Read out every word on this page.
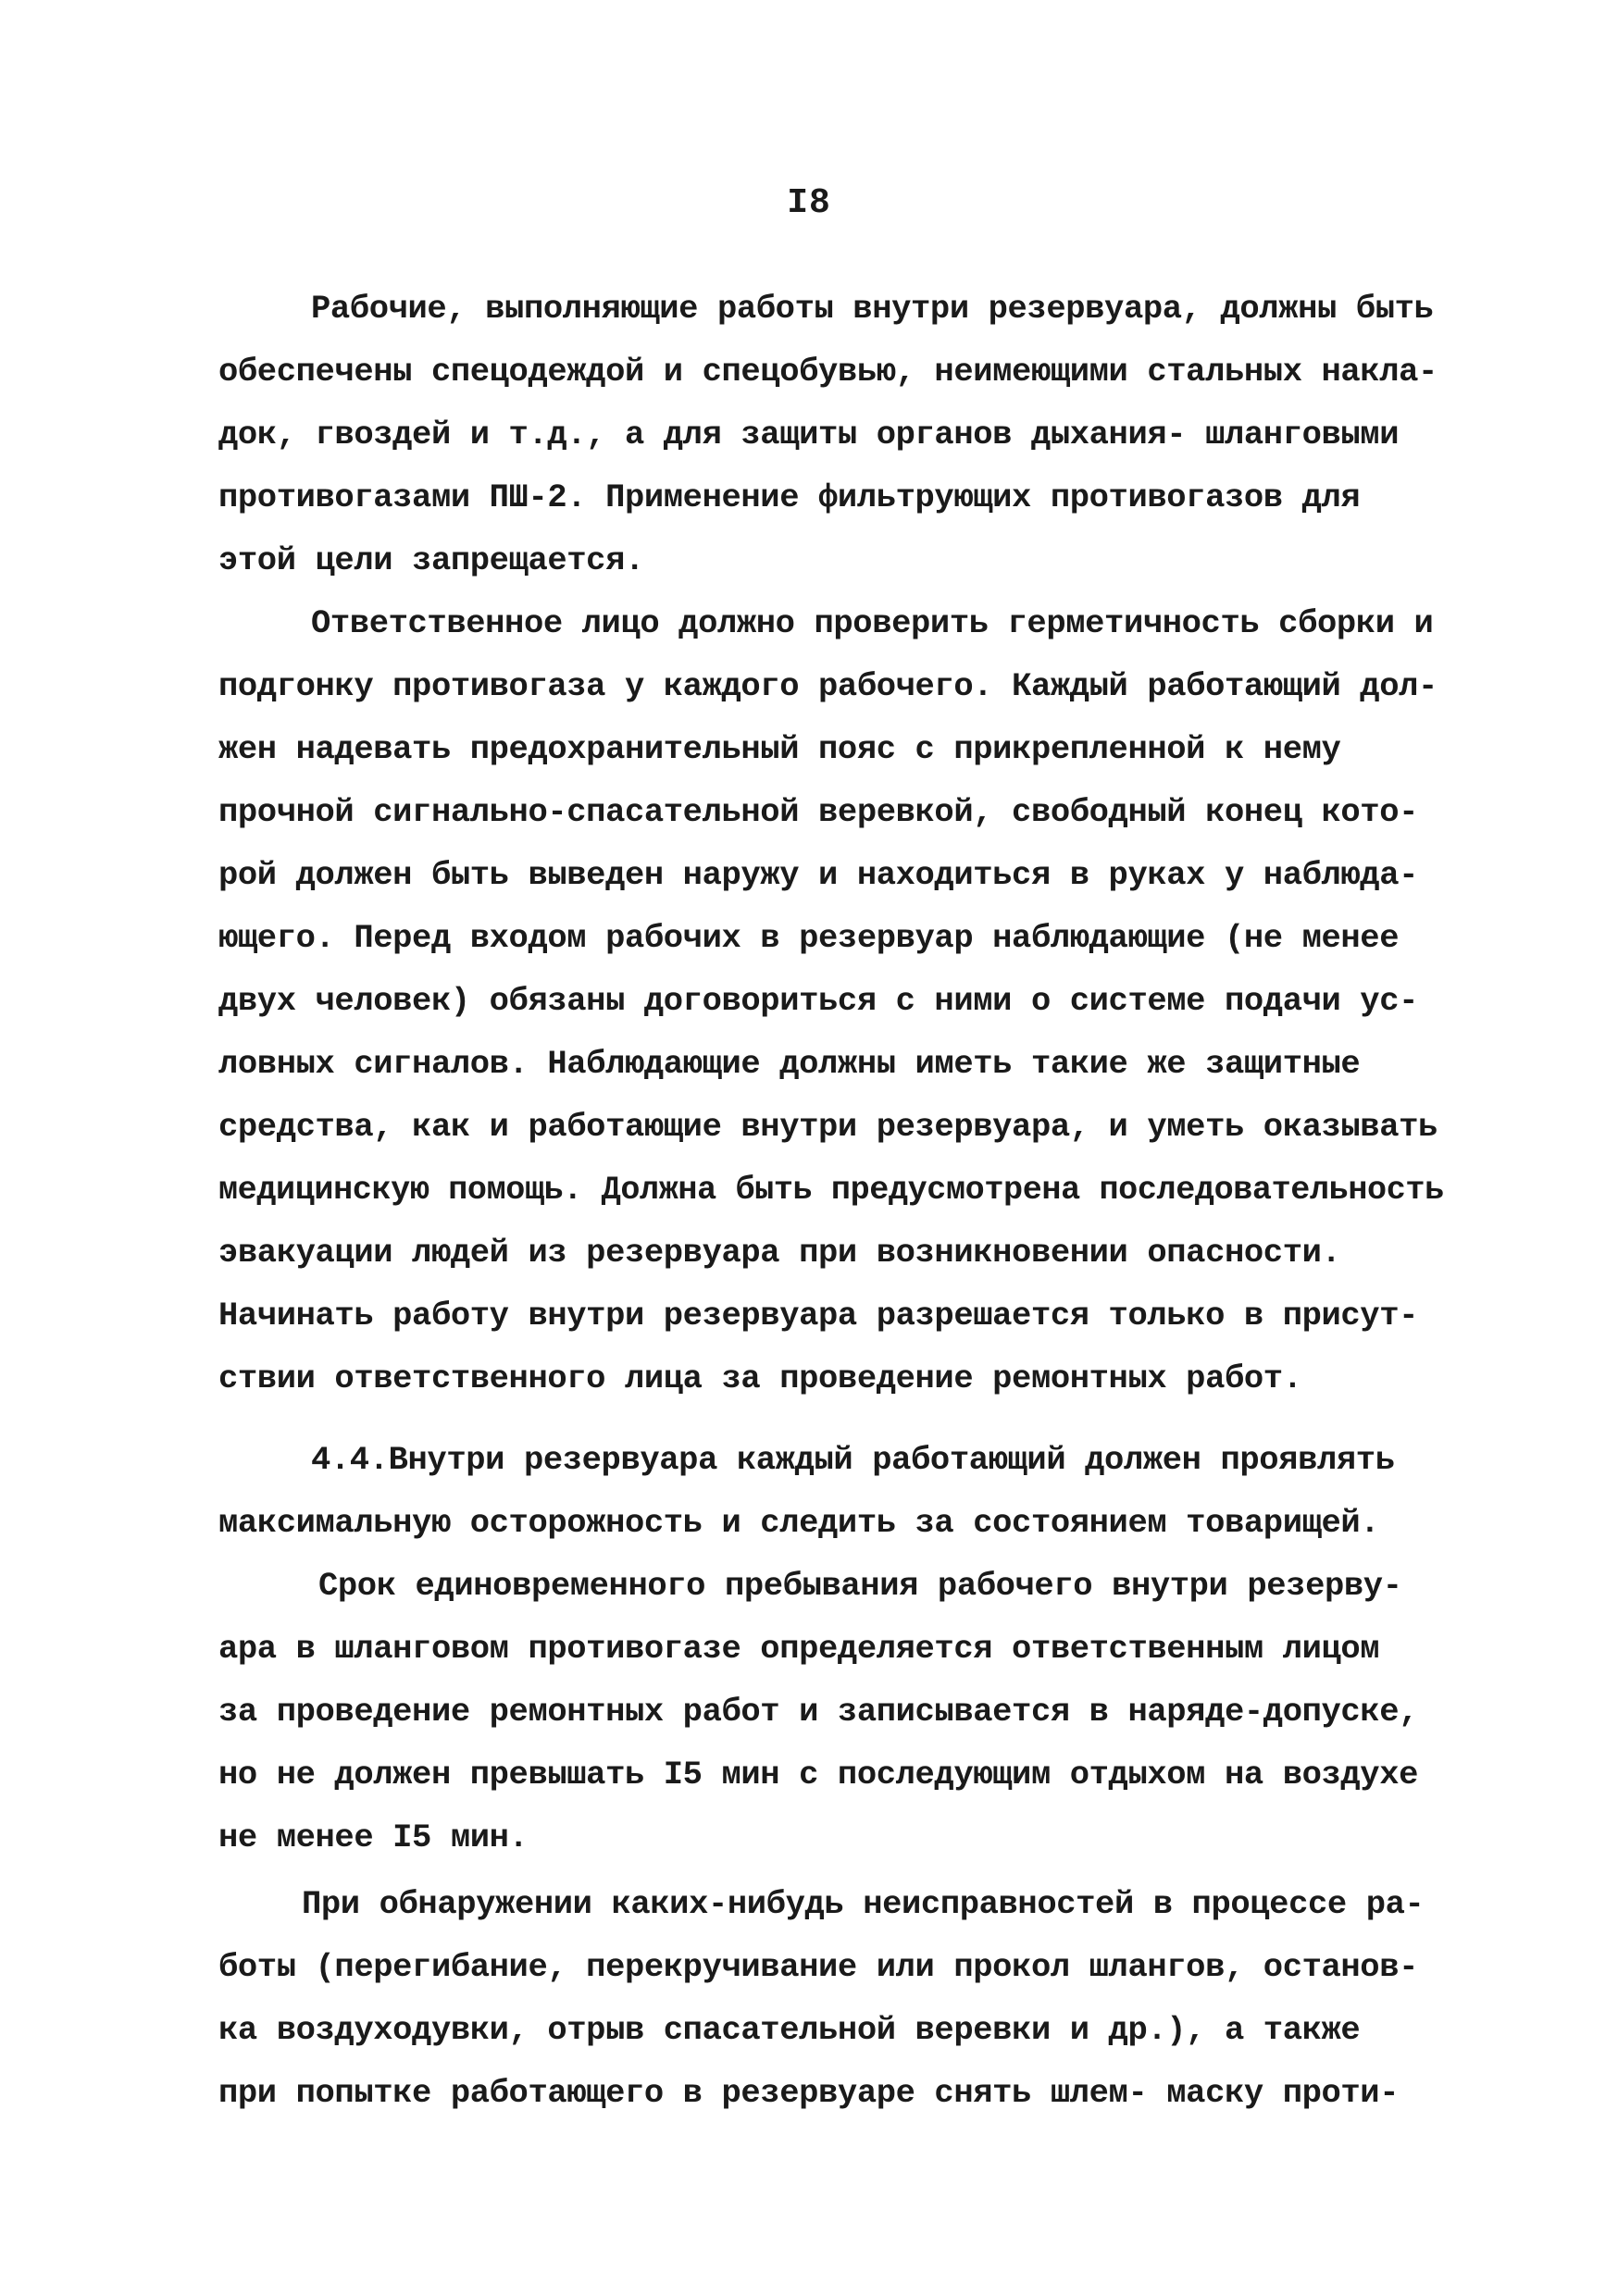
I8
Рабочие, выполняющие работы внутри резервуара, должны быть
обеспечены спецодеждой и спецобувью, неимеющими стальных накла-
док, гвоздей и т.д., а для защиты органов дыхания- шланговыми
противогазами ПШ-2. Применение фильтрующих противогазов для
этой цели запрещается.
Ответственное лицо должно проверить герметичность сборки и
подгонку противогаза у каждого рабочего. Каждый работающий дол-
жен надевать предохранительный пояс с прикрепленной к нему
прочной сигнально-спасательной веревкой, свободный конец кото-
рой должен быть выведен наружу и находиться в руках у наблюда-
ющего. Перед входом рабочих в резервуар наблюдающие (не менее
двух человек) обязаны договориться с ними о системе подачи ус-
ловных сигналов. Наблюдающие должны иметь такие же защитные
средства, как и работающие внутри резервуара, и уметь оказывать
медицинскую помощь. Должна быть предусмотрена последовательность
эвакуации людей из резервуара при возникновении опасности.
Начинать работу внутри резервуара разрешается только в присут-
ствии ответственного лица за проведение ремонтных работ.
4.4.Внутри резервуара каждый работающий должен проявлять
максимальную осторожность и следить за состоянием товарищей.
Срок единовременного пребывания рабочего внутри резерву-
ара в шланговом противогазе определяется ответственным лицом
за проведение ремонтных работ и записывается в наряде-допуске,
но не должен превышать I5 мин с последующим отдыхом на воздухе
не менее I5 мин.
При обнаружении каких-нибудь неисправностей в процессе ра-
боты (перегибание, перекручивание или прокол шлангов, останов-
ка воздуходувки, отрыв спасательной веревки и др.), а также
при попытке работающего в резервуаре снять шлем- маску проти-
